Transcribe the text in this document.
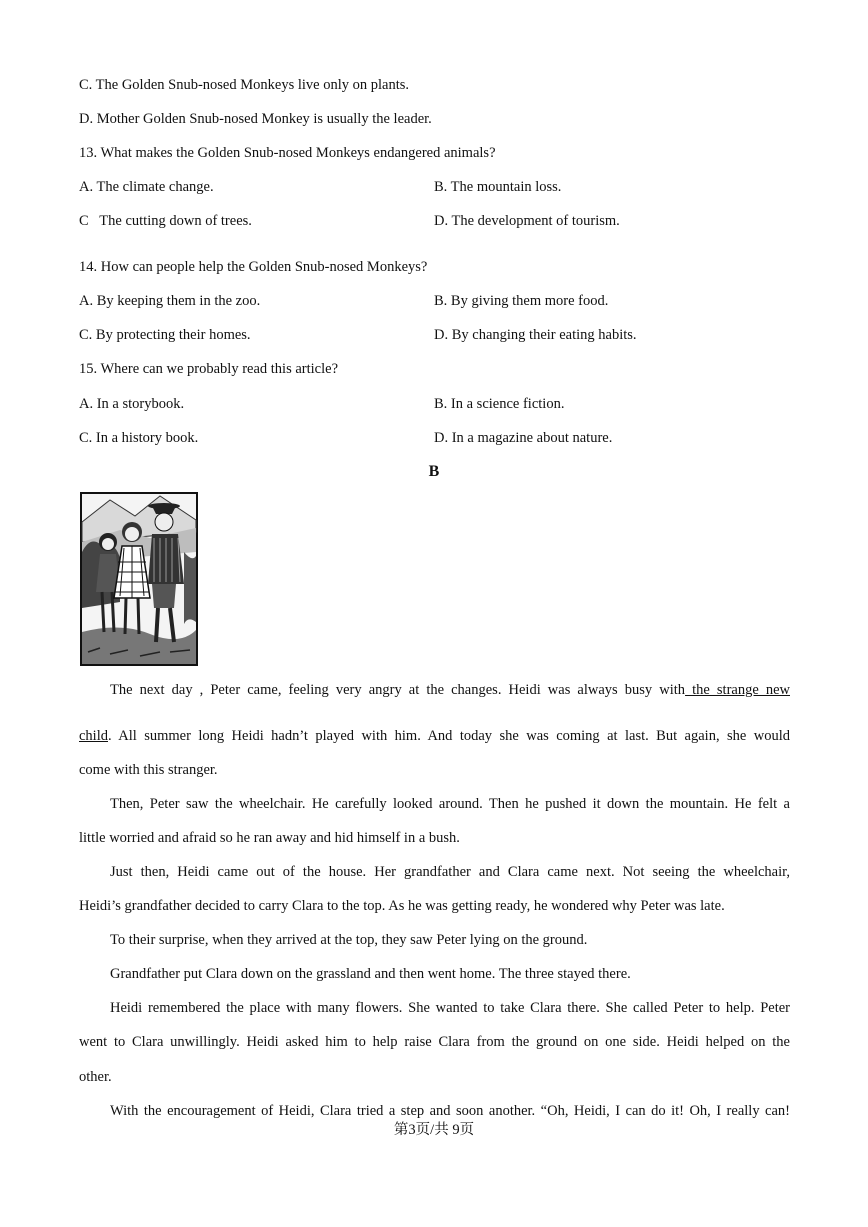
C. The Golden Snub-nosed Monkeys live only on plants.
D. Mother Golden Snub-nosed Monkey is usually the leader.
13. What makes the Golden Snub-nosed Monkeys endangered animals?
A. The climate change.	B. The mountain loss.
C   The cutting down of trees.	D. The development of tourism.
14. How can people help the Golden Snub-nosed Monkeys?
A. By keeping them in the zoo.	B. By giving them more food.
C. By protecting their homes.	D. By changing their eating habits.
15. Where can we probably read this article?
A. In a storybook.	B. In a science fiction.
C. In a history book.	D. In a magazine about nature.
B
The next day , Peter came, feeling very angry at the changes. Heidi was always busy with the strange new
child. All summer long Heidi hadn’t played with him. And today she was coming at last. But again, she would
come with this stranger.
Then, Peter saw the wheelchair. He carefully looked around. Then he pushed it down the mountain. He felt a
little worried and afraid so he ran away and hid himself in a bush.
Just then, Heidi came out of the house. Her grandfather and Clara came next. Not seeing the wheelchair,
Heidi’s grandfather decided to carry Clara to the top. As he was getting ready, he wondered why Peter was late.
To their surprise, when they arrived at the top, they saw Peter lying on the ground.
Grandfather put Clara down on the grassland and then went home. The three stayed there.
Heidi remembered the place with many flowers. She wanted to take Clara there. She called Peter to help. Peter
went to Clara unwillingly. Heidi asked him to help raise Clara from the ground on one side. Heidi helped on the
other.
With the encouragement of Heidi, Clara tried a step and soon another. “Oh, Heidi, I can do it! Oh, I really can!
第3页/共 9页
